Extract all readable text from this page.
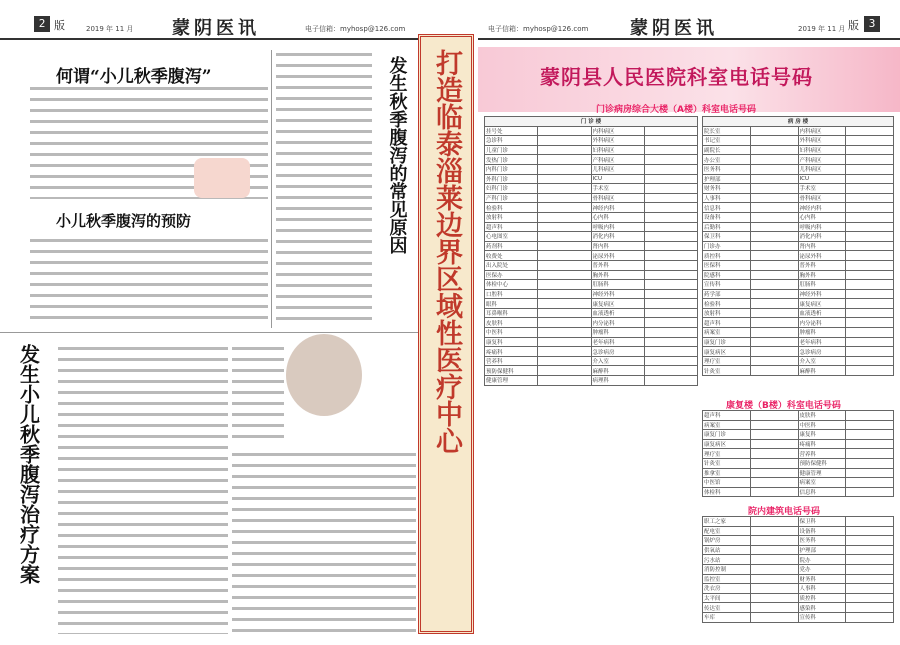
2 版	2019 年 11 月 蒙阴医讯	电子信箱：myhosp@126.com
何谓“小儿秋季腹泻”
小儿秋季腹泻的预防	发生秋季腹泻的常见原因
发生小儿秋季腹泻治疗方案
打造临泰淄莱边界区域性医疗中心
电子信箱：myhosp@126.com 蒙阴医讯	2019 年 11 月 版 3
蒙阴县人民医院科室电话号码
门诊病房综合大楼（A楼）科室电话号码
门 诊 楼			
挂号处		内科病区	
急诊科		外科病区	
儿童门诊		妇科病区	
发热门诊		产科病区	
内科门诊		儿科病区	
外科门诊		ICU	
妇科门诊		手术室	
产科门诊		骨科病区	
检验科		神经内科	
放射科		心内科	
超声科		呼吸内科	
心电图室		消化内科	
药剂科		肾内科	
收费处		泌尿外科	
出入院处		普外科	
医保办		胸外科	
体检中心		肛肠科	
口腔科		神经外科	
眼科		康复病区	
耳鼻喉科		血液透析	
皮肤科		内分泌科	
中医科		肿瘤科	
康复科		老年病科	
疼痛科		急诊病房	
营养科		介入室	
预防保健科		麻醉科	
健康管理		病理科	
病 房 楼			
院长室		内科病区	
书记室		外科病区	
副院长		妇科病区	
办公室		产科病区	
医务科		儿科病区	
护理部		ICU	
财务科		手术室	
人事科		骨科病区	
信息科		神经内科	
设备科		心内科	
后勤科		呼吸内科	
保卫科		消化内科	
门诊办		肾内科	
质控科		泌尿外科	
医保科		普外科	
院感科		胸外科	
宣传科		肛肠科	
药学部		神经外科	
检验科		康复病区	
放射科		血液透析	
超声科		内分泌科	
病案室		肿瘤科	
康复门诊		老年病科	
康复病区		急诊病房	
理疗室		介入室	
针灸室		麻醉科	
康复楼（B楼）科室电话号码
超声科		皮肤科	
病案室		中医科	
康复门诊		康复科	
康复病区		疼痛科	
理疗室		营养科	
针灸室		预防保健科	
推拿室		健康管理	
中医馆		病案室	
体检科		信息科	
院内建筑电话号码
职工之家		保卫科	
配电室		设备科	
锅炉房		医务科	
供氧站		护理部	
污水站		院办	
消防控制		党办	
监控室		财务科	
洗衣房		人事科	
太平间		质控科	
传达室		感染科	
车库		宣传科	
